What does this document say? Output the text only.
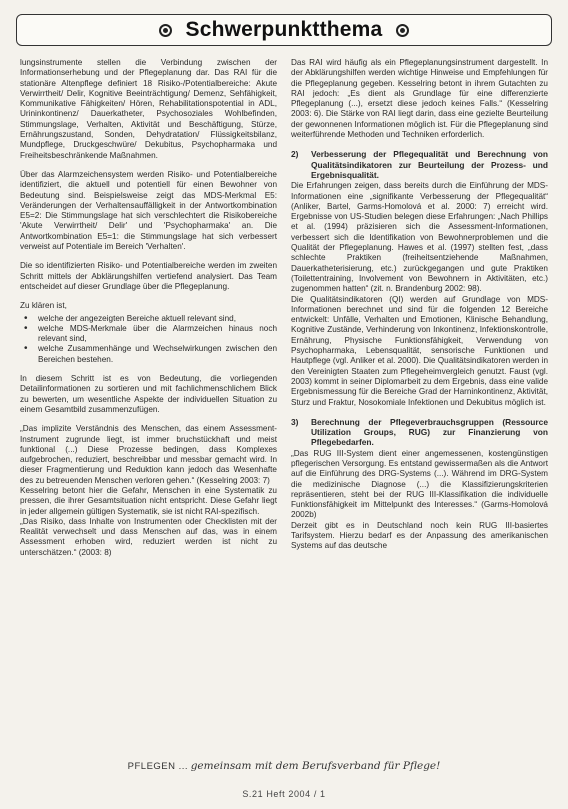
Schwerpunktthema

lungsinstrumente stellen die Verbindung zwischen der Informationserhebung und der Pflegeplanung dar. Das RAI für die stationäre Altenpflege definiert 18 Risiko-/Potentialbereiche: Akute Verwirrtheit/ Delir, Kognitive Beeinträchtigung/ Demenz, Sehfähigkeit, Kommunikative Fähigkeiten/ Hören, Rehabilitationspotential in ADL, Urininkontinenz/ Dauerkatheter, Psychosoziales Wohlbefinden, Stimmungslage, Verhalten, Aktivität und Beschäftigung, Stürze, Ernährungszustand, Sonden, Dehydratation/ Flüssigkeitsbilanz, Mundpflege, Druckgeschwüre/ Dekubitus, Psychopharmaka und Freiheitsbeschränkende Maßnahmen.

Über das Alarmzeichensystem werden Risiko- und Potentialbereiche identifiziert, die aktuell und potentiell für einen Bewohner von Bedeutung sind. Beispielsweise zeigt das MDS-Merkmal E5: Veränderungen der Verhaltensauffälligkeit in der Antwortkombination E5=2: Die Stimmungslage hat sich verschlechtert die Risikobereiche 'Akute Verwirrtheit/ Delir' und 'Psychopharmaka' an. Die Antwortkombination E5=1: die Stimmungslage hat sich verbessert verweist auf Potentiale im Bereich 'Verhalten'.

Die so identifizierten Risiko- und Potentialbereiche werden im zweiten Schritt mittels der Abklärungshilfen vertiefend analysiert. Das Team entscheidet auf dieser Grundlage über die Pflegeplanung.

Zu klären ist,

• welche der angezeigten Bereiche aktuell relevant sind,
• welche MDS-Merkmale über die Alarmzeichen hinaus noch relevant sind,
• welche Zusammenhänge und Wechselwirkungen zwischen den Bereichen bestehen.

In diesem Schritt ist es von Bedeutung, die vorliegenden Detailinformationen zu sortieren und mit fachlichmenschlichem Blick zu bewerten, um wesentliche Aspekte der individuellen Situation zu einem Gesamtbild zusammenzufügen.

„Das implizite Verständnis des Menschen, das einem Assessment-Instrument zugrunde liegt, ist immer bruchstückhaft und meist funktional (...) Diese Prozesse bedingen, dass Komplexes aufgebrochen, reduziert, beschreibbar und messbar gemacht wird. In dieser Fragmentierung und Reduktion kann jedoch das Wesenhafte des zu betreuenden Menschen verloren gehen.“ (Kesselring 2003: 7)

Kesselring betont hier die Gefahr, Menschen in eine Systematik zu pressen, die ihrer Gesamtsituation nicht entspricht. Diese Gefahr liegt in jeder allgemein gültigen Systematik, sie ist nicht RAI-spezifisch.

„Das Risiko, dass Inhalte von Instrumenten oder Checklisten mit der Realität verwechselt und dass Menschen auf das, was in einem Assessment erhoben wird, reduziert werden ist nicht zu unterschätzen.“ (2003: 8)

Das RAI wird häufig als ein Pflegeplanungsinstrument dargestellt. In der Abklärungshilfen werden wichtige Hinweise und Empfehlungen für die Pflegeplanung gegeben. Kesselring betont in ihrem Gutachten zu RAI jedoch: „Es dient als Grundlage für eine differenzierte Pflegeplanung (...), ersetzt diese jedoch keines Falls.“ (Kesselring 2003: 6). Die Stärke von RAI liegt darin, dass eine gezielte Beurteilung der gewonnenen Informationen möglich ist. Für die Pflegeplanung sind weiterführende Methoden und Techniken erforderlich.

2)	Verbesserung der Pflegequalität und Berechnung von Qualitätsindikatoren zur Beurteilung der Prozess- und Ergebnisqualität.

Die Erfahrungen zeigen, dass bereits durch die Einführung der MDS-Informationen eine „signifikante Verbesserung der Pflegequalität“ (Anliker, Bartel, Garms-Homolová et al. 2000: 7) erreicht wird. Ergebnisse von US-Studien belegen diese Erfahrungen: „Nach Phillips et al. (1994) präzisieren sich die Assessment-Informationen, verbessert sich die Identifikation von Bewohnerproblemen und die Qualität der Pflegeplanung. Hawes et al. (1997) stellten fest, „dass schlechte Praktiken (freiheitsentziehende Maßnahmen, Dauerkatheterisierung, etc.) zurückgegangen und gute Praktiken (Toilettentraining, Involvement von Bewohnern in Aktivitäten, etc.) zugenommen hatten“ (zit. n. Brandenburg 2002: 98).

Die Qualitätsindikatoren (QI) werden auf Grundlage von MDS-Informationen berechnet und sind für die folgenden 12 Bereiche entwickelt: Unfälle, Verhalten und Emotionen, Klinische Behandlung, Kognitive Zustände, Verhinderung von Inkontinenz, Infektionskontrolle, Ernährung, Physische Funktionsfähigkeit, Verwendung von Psychopharmaka, Lebensqualität, sensorische Funktionen und Hautpflege (vgl. Anliker et al. 2000). Die Qualitätsindikatoren werden in den Vereinigten Staaten zum Pflegeheimvergleich genutzt. Faust (vgl. 2003) kommt in seiner Diplomarbeit zu dem Ergebnis, dass eine valide Ergebnismessung für die Bereiche Grad der Harninkontinenz, Aktivität, Sturz und Fraktur, Nosokomiale Infektionen und Dekubitus möglich ist.

3)	Berechnung der Pflegeverbrauchsgruppen (Ressource Utilization Groups, RUG) zur Finanzierung von Pflegebedarfen.

„Das RUG III-System dient einer angemessenen, kostengünstigen pflegerischen Versorgung. Es entstand gewissermaßen als die Antwort auf die Einführung des DRG-Systems (...). Während im DRG-System die medizinische Diagnose (...) die Klassifizierungskriterien repräsentieren, steht bei der RUG III-Klassifikation die individuelle Funktionsfähigkeit im Mittelpunkt des Interesses.“ (Garms-Homolová 2002b)

Derzeit gibt es in Deutschland noch kein RUG III-basiertes Tarifsystem. Hierzu bedarf es der Anpassung des amerikanischen Systems auf das deutsche

PFLEGEN ... gemeinsam mit dem Berufsverband für Pflege!
S.21 Heft 2004 / 1
